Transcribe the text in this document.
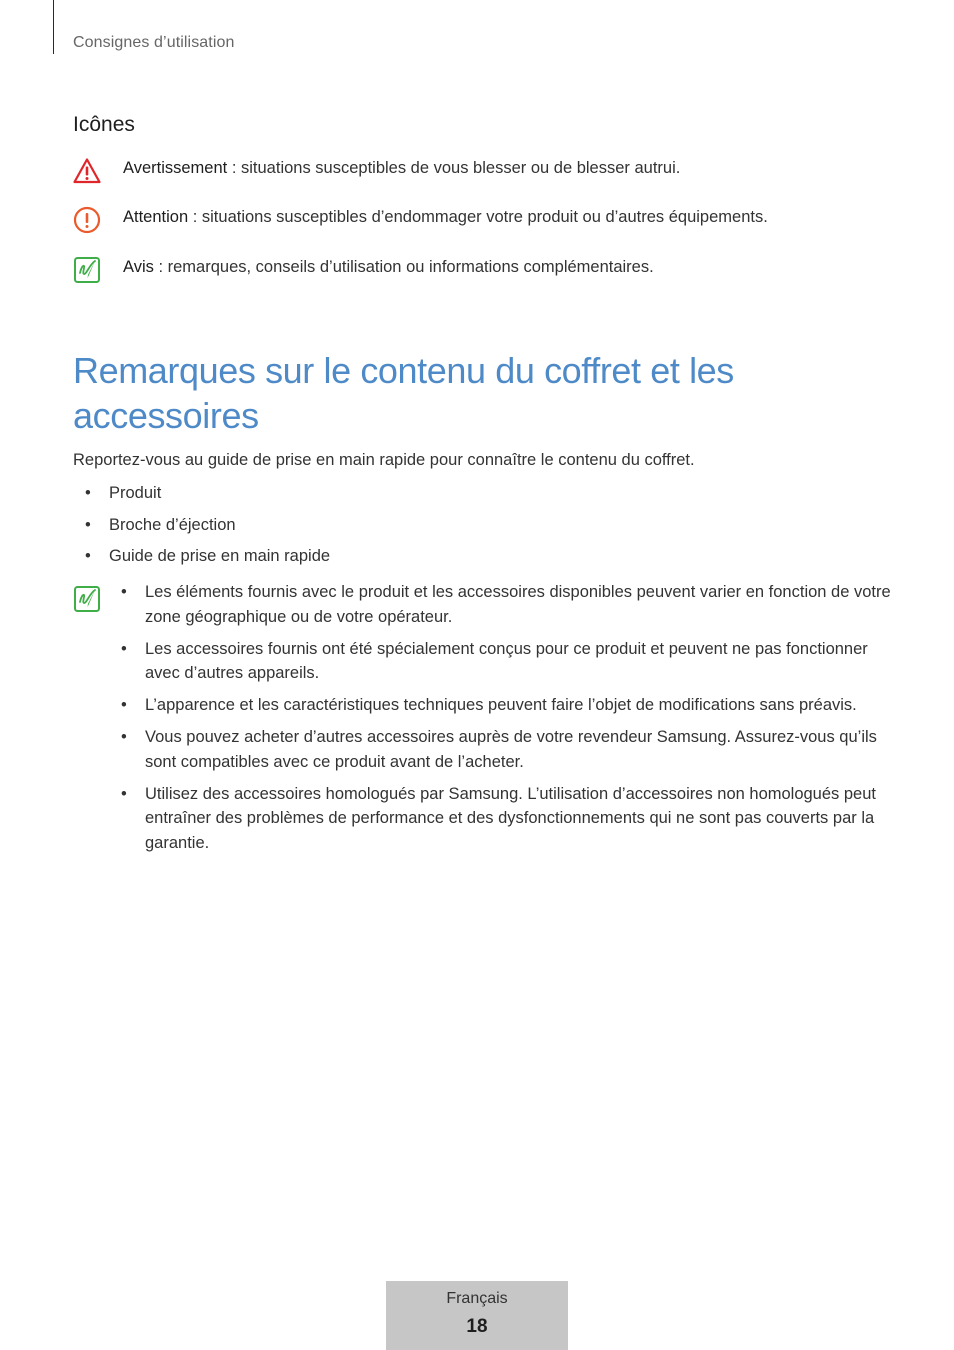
Consignes d’utilisation
Icônes
Avertissement : situations susceptibles de vous blesser ou de blesser autrui.
Attention : situations susceptibles d’endommager votre produit ou d’autres équipements.
Avis : remarques, conseils d’utilisation ou informations complémentaires.
Remarques sur le contenu du coffret et les accessoires
Reportez-vous au guide de prise en main rapide pour connaître le contenu du coffret.
• Produit
• Broche d’éjection
• Guide de prise en main rapide
• Les éléments fournis avec le produit et les accessoires disponibles peuvent varier en fonction de votre zone géographique ou de votre opérateur.
• Les accessoires fournis ont été spécialement conçus pour ce produit et peuvent ne pas fonctionner avec d’autres appareils.
• L’apparence et les caractéristiques techniques peuvent faire l’objet de modifications sans préavis.
• Vous pouvez acheter d’autres accessoires auprès de votre revendeur Samsung. Assurez-vous qu’ils sont compatibles avec ce produit avant de l’acheter.
• Utilisez des accessoires homologués par Samsung. L’utilisation d’accessoires non homologués peut entraîner des problèmes de performance et des dysfonctionnements qui ne sont pas couverts par la garantie.
Français
18
